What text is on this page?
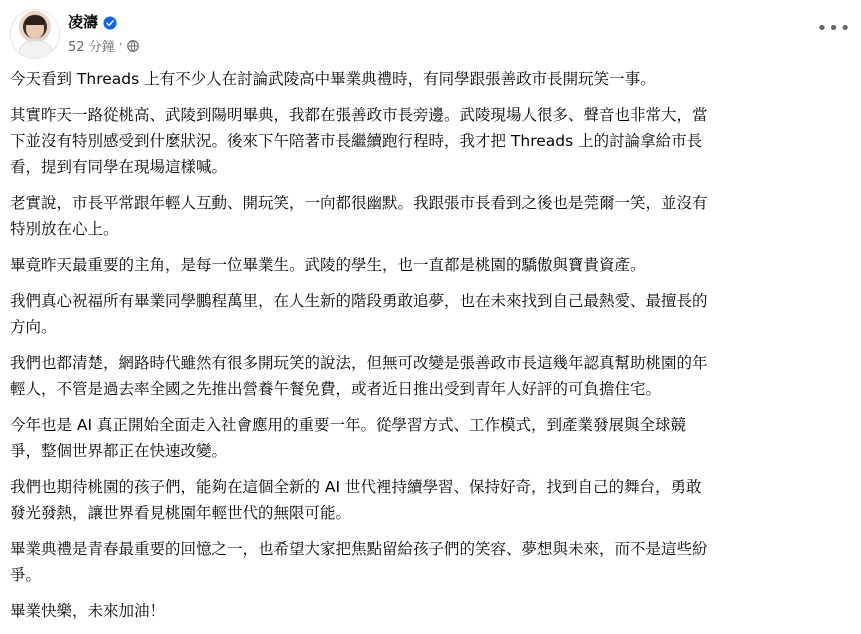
凌濤
52 分鐘 ·
•••

今天看到 Threads 上有不少人在討論武陵高中畢業典禮時，有同學跟張善政市長開玩笑一事。

其實昨天一路從桃高、武陵到陽明畢典，我都在張善政市長旁邊。武陵現場人很多、聲音也非常大，當
下並沒有特別感受到什麼狀況。後來下午陪著市長繼續跑行程時，我才把 Threads 上的討論拿給市長
看，提到有同學在現場這樣喊。

老實說，市長平常跟年輕人互動、開玩笑，一向都很幽默。我跟張市長看到之後也是莞爾一笑，並沒有
特別放在心上。

畢竟昨天最重要的主角，是每一位畢業生。武陵的學生，也一直都是桃園的驕傲與寶貴資產。

我們真心祝福所有畢業同學鵬程萬里，在人生新的階段勇敢追夢，也在未來找到自己最熱愛、最擅長的
方向。

我們也都清楚，網路時代雖然有很多開玩笑的說法，但無可改變是張善政市長這幾年認真幫助桃園的年
輕人，不管是過去率全國之先推出營養午餐免費，或者近日推出受到青年人好評的可負擔住宅。

今年也是 AI 真正開始全面走入社會應用的重要一年。從學習方式、工作模式，到產業發展與全球競
爭，整個世界都正在快速改變。

我們也期待桃園的孩子們，能夠在這個全新的 AI 世代裡持續學習、保持好奇，找到自己的舞台，勇敢
發光發熱，讓世界看見桃園年輕世代的無限可能。

畢業典禮是青春最重要的回憶之一，也希望大家把焦點留給孩子們的笑容、夢想與未來，而不是這些紛
爭。

畢業快樂，未來加油！
